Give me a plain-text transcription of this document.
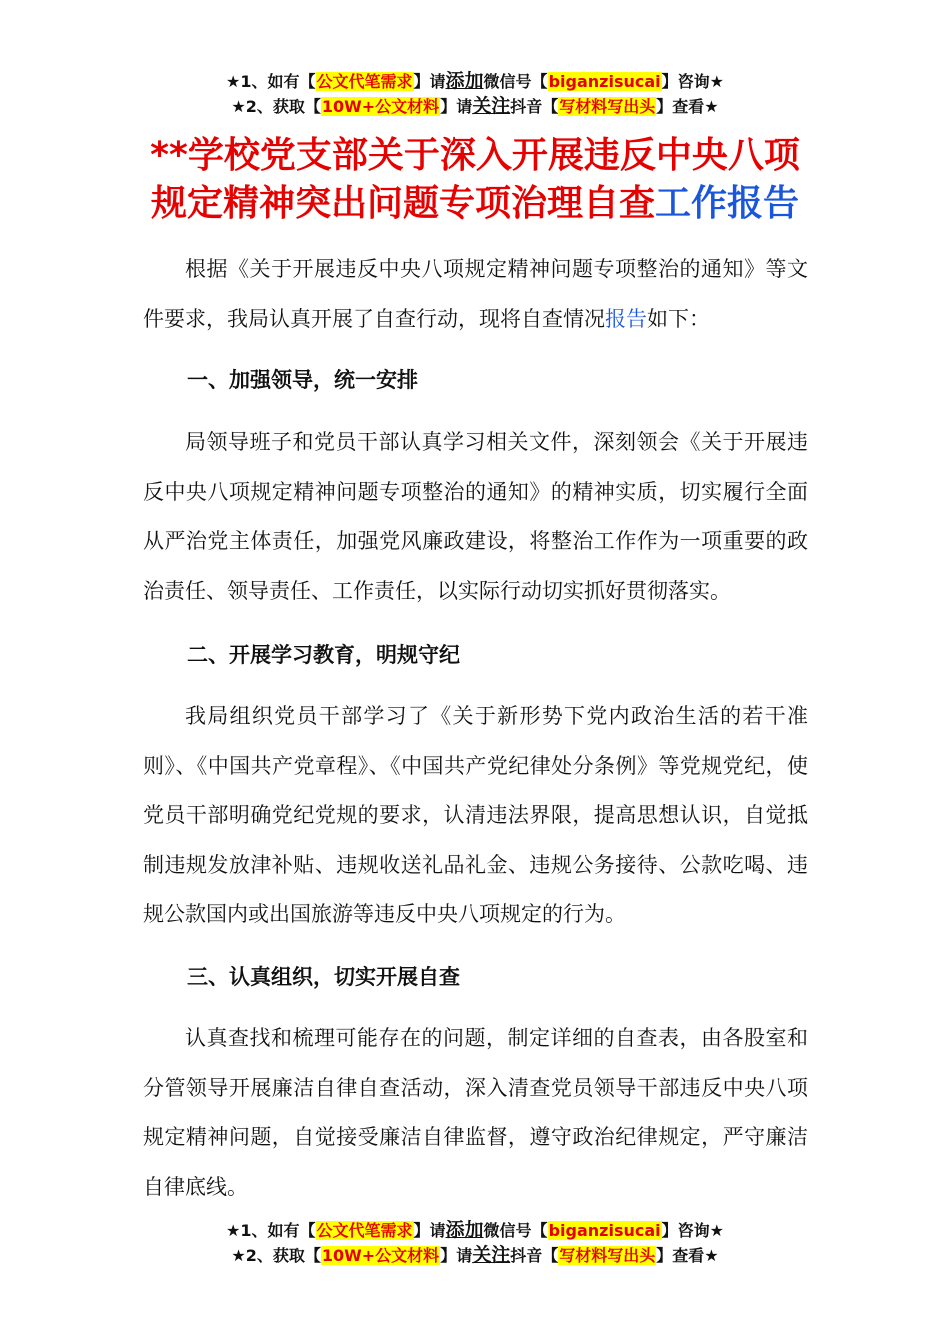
★1、如有【公文代笔需求】请添加微信号【biganzisucai】咨询★
★2、获取【10W+公文材料】请关注抖音【写材料写出头】查看★
**学校党支部关于深入开展违反中央八项
规定精神突出问题专项治理自查工作报告

根据《关于开展违反中央八项规定精神问题专项整治的通知》等文件要求，我局认真开展了自查行动，现将自查情况报告如下：

一、加强领导，统一安排

局领导班子和党员干部认真学习相关文件，深刻领会《关于开展违反中央八项规定精神问题专项整治的通知》的精神实质，切实履行全面从严治党主体责任，加强党风廉政建设，将整治工作作为一项重要的政治责任、领导责任、工作责任，以实际行动切实抓好贯彻落实。

二、开展学习教育，明规守纪

我局组织党员干部学习了《关于新形势下党内政治生活的若干准则》、《中国共产党章程》、《中国共产党纪律处分条例》等党规党纪，使党员干部明确党纪党规的要求，认清违法界限，提高思想认识，自觉抵制违规发放津补贴、违规收送礼品礼金、违规公务接待、公款吃喝、违规公款国内或出国旅游等违反中央八项规定的行为。

三、认真组织，切实开展自查

认真查找和梳理可能存在的问题，制定详细的自查表，由各股室和分管领导开展廉洁自律自查活动，深入清查党员领导干部违反中央八项规定精神问题，自觉接受廉洁自律监督，遵守政治纪律规定，严守廉洁自律底线。

★1、如有【公文代笔需求】请添加微信号【biganzisucai】咨询★
★2、获取【10W+公文材料】请关注抖音【写材料写出头】查看★
